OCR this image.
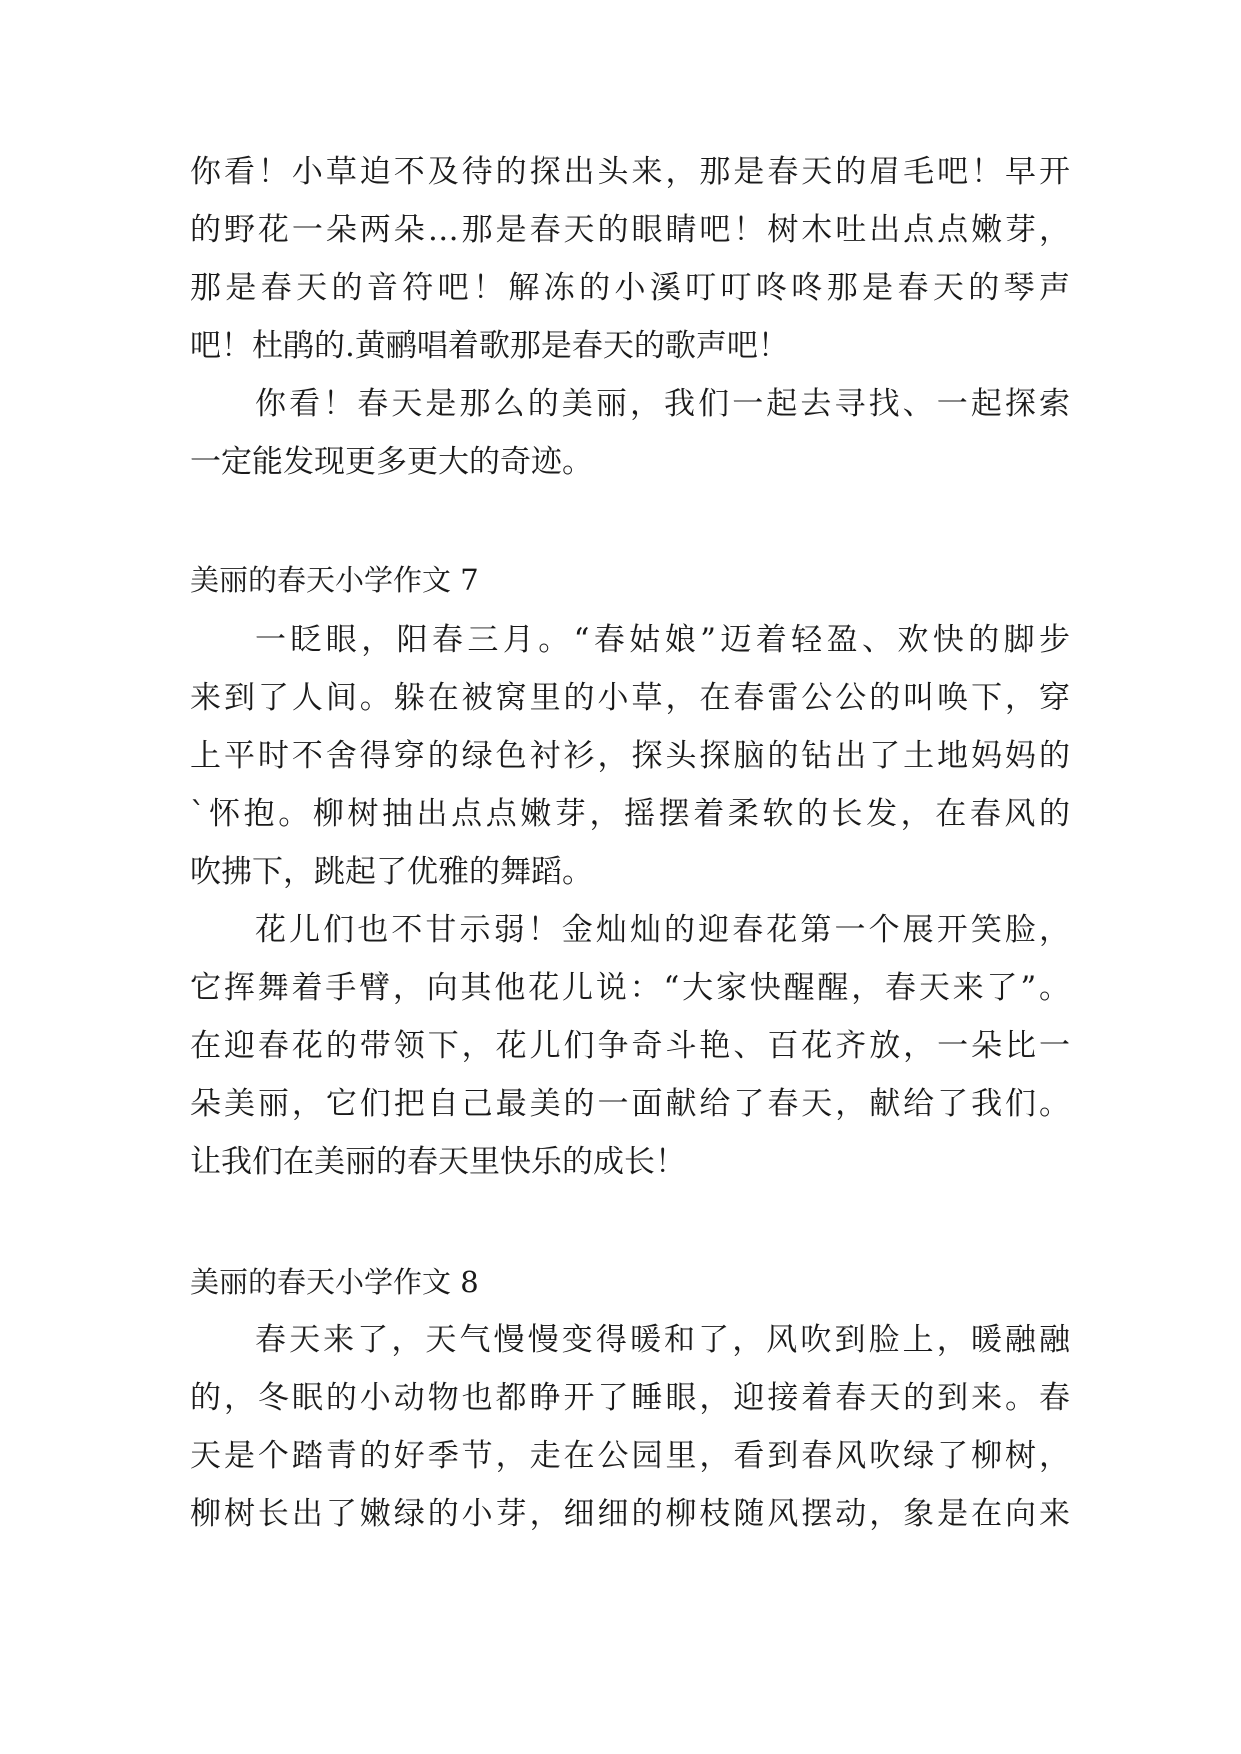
你看！小草迫不及待的探出头来，那是春天的眉毛吧！早开
的野花一朵两朵…那是春天的眼睛吧！树木吐出点点嫩芽，
那是春天的音符吧！解冻的小溪叮叮咚咚那是春天的琴声
吧！杜鹃的.黄鹂唱着歌那是春天的歌声吧！
你看！春天是那么的美丽，我们一起去寻找、一起探索
一定能发现更多更大的奇迹。
美丽的春天小学作文 7
一眨眼，阳春三月。“春姑娘”迈着轻盈、欢快的脚步
来到了人间。躲在被窝里的小草，在春雷公公的叫唤下，穿
上平时不舍得穿的绿色衬衫，探头探脑的钻出了土地妈妈的
`怀抱。柳树抽出点点嫩芽，摇摆着柔软的长发，在春风的
吹拂下，跳起了优雅的舞蹈。
花儿们也不甘示弱！金灿灿的迎春花第一个展开笑脸，
它挥舞着手臂，向其他花儿说：“大家快醒醒，春天来了”。
在迎春花的带领下，花儿们争奇斗艳、百花齐放，一朵比一
朵美丽，它们把自己最美的一面献给了春天，献给了我们。
让我们在美丽的春天里快乐的成长！
美丽的春天小学作文 8
春天来了，天气慢慢变得暖和了，风吹到脸上，暖融融
的，冬眠的小动物也都睁开了睡眼，迎接着春天的到来。春
天是个踏青的好季节，走在公园里，看到春风吹绿了柳树，
柳树长出了嫩绿的小芽，细细的柳枝随风摆动，象是在向来
